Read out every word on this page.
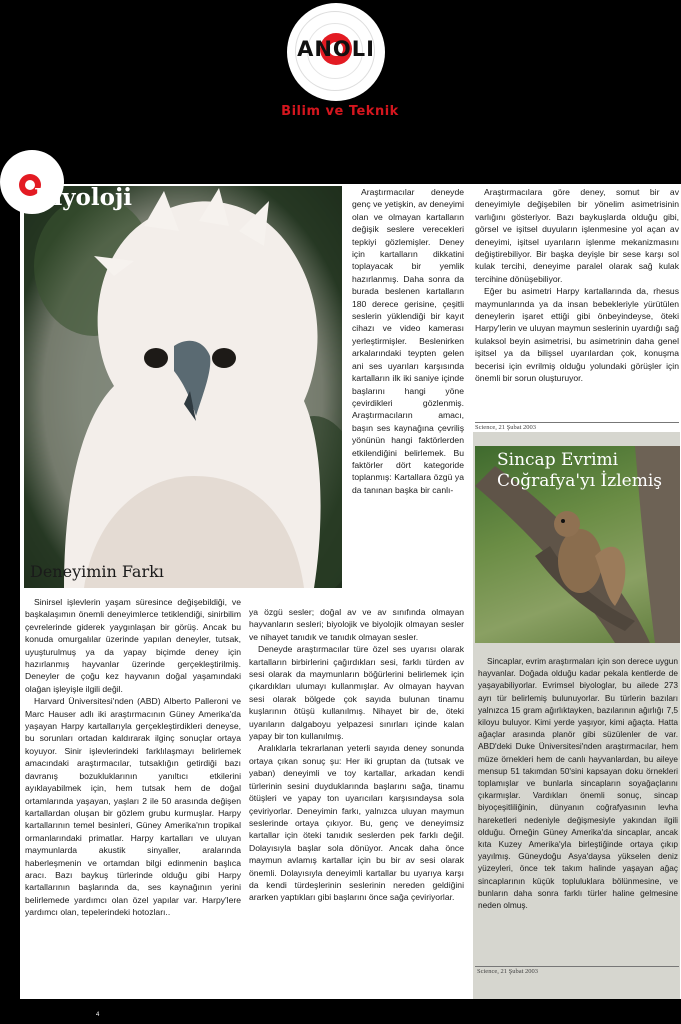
ANOLI
Bilim ve Teknik
Biyoloji
Deneyimin Farkı

Sinirsel işlevlerin yaşam süresince değişebildiği, ve başkalaşımın önemli deneyimlerce tetiklendiği, sinirbilim çevrelerinde giderek yaygınlaşan bir görüş. Ancak bu konuda omurgalılar üzerinde yapılan deneyler, tutsak, uyuşturulmuş ya da yapay biçimde deney için hazırlanmış hayvanlar üzerinde gerçekleştirilmiş. Deneyler de çoğu kez hayvanın doğal yaşamındaki olağan işleyişle ilgili değil.

Harvard Üniversitesi'nden (ABD) Alberto Palleroni ve Marc Hauser adlı iki araştırmacının Güney Amerika'da yaşayan Harpy kartallarıyla gerçekleştirdikleri deneyse, bu sorunları ortadan kaldırarak ilginç sonuçlar ortaya koyuyor. Sinir işlevlerindeki farklılaşmayı belirlemek amacındaki araştırmacılar, tutsaklığın getirdiği bazı davranış bozukluklarının yanıltıcı etkilerini ayıklayabilmek için, hem tutsak hem de doğal ortamlarında yaşayan, yaşları 2 ile 50 arasında değişen kartallardan oluşan bir gözlem grubu kurmuşlar. Harpy kartallarının temel besinleri, Güney Amerika'nın tropikal ormanlarındaki primatlar. Harpy kartalları ve uluyan maymunlarda akustik sinyaller, aralarında haberleşmenin ve ortamdan bilgi edinmenin başlıca aracı. Bazı baykuş türlerinde olduğu gibi Harpy kartallarının başlarında da, ses kaynağının yerini belirlemede yardımcı olan özel yapılar var. Harpy'lere yardımcı olan, tepelerindeki hotozları..

Araştırmacılar deneyde genç ve yetişkin, av deneyimi olan ve olmayan kartalların değişik seslere verecekleri tepkiyi gözlemişler. Deney için kartalların dikkatini toplayacak bir yemlik hazırlanmış. Daha sonra da burada beslenen kartalların 180 derece gerisine, çeşitli seslerin yüklendiği bir kayıt cihazı ve video kamerası yerleştirmişler. Beslenirken arkalarındaki teypten gelen ani ses uyarıları karşısında kartalların ilk iki saniye içinde başlarını hangi yöne çevirdikleri gözlenmiş. Araştırmacıların amacı, başın ses kaynağına çevriliş yönünün hangi faktörlerden etkilendiğini belirlemek. Bu faktörler dört kategoride toplanmış: Kartallara özgü ya da tanınan başka bir canlı-

ya özgü sesler; doğal av ve av sınıfında olmayan hayvanların sesleri; biyolojik ve biyolojik olmayan sesler ve nihayet tanıdık ve tanıdık olmayan sesler.

Deneyde araştırmacılar türe özel ses uyarısı olarak kartalların birbirlerini çağırdıkları sesi, farklı türden av sesi olarak da maymunların böğürlerini belirlemek için çıkardıkları ulumayı kullanmışlar. Av olmayan hayvan sesi olarak bölgede çok sayıda bulunan tinamu kuşlarının ötüşü kullanılmış. Nihayet bir de, öteki uyarıların dalgaboyu yelpazesi sınırları içinde kalan yapay bir ton kullanılmış.

Aralıklarla tekrarlanan yeterli sayıda deney sonunda ortaya çıkan sonuç şu: Her iki gruptan da (tutsak ve yaban) deneyimli ve toy kartallar, arkadan kendi türlerinin sesini duyduklarında başlarını sağa, tinamu ötüşleri ve yapay ton uyarıcıları karşısındaysa sola çeviriyorlar. Deneyimin farkı, yalnızca uluyan maymun seslerinde ortaya çıkıyor. Bu, genç ve deneyimsiz kartallar için öteki tanıdık seslerden pek farklı değil. Dolayısıyla başlar sola dönüyor. Ancak daha önce maymun avlamış kartallar için bu bir av sesi olarak önemli. Dolayısıyla deneyimli kartallar bu uyarıya karşı da kendi türdeşlerinin seslerinin nereden geldiğini ararken yaptıkları gibi başlarını önce sağa çeviriyorlar.

Araştırmacılara göre deney, somut bir av deneyimiyle değişebilen bir yönelim asimetrisinin varlığını gösteriyor. Bazı baykuşlarda olduğu gibi, görsel ve işitsel duyuların işlenmesine yol açan av deneyimi, işitsel uyarıların işlenme mekanizmasını değiştirebiliyor. Bir başka deyişle bir sese karşı sol kulak tercihi, deneyime paralel olarak sağ kulak tercihine dönüşebiliyor.

Eğer bu asimetri Harpy kartallarında da, rhesus maymunlarında ya da insan bebekleriyle yürütülen deneylerin işaret ettiği gibi önbeyindeyse, öteki Harpy'lerin ve uluyan maymun seslerinin uyardığı sağ kulaksol beyin asimetrisi, bu asimetrinin daha genel işitsel ya da bilişsel uyarılardan çok, konuşma becerisi için evrilmiş olduğu yolundaki görüşler için önemli bir sorun oluşturuyor.

Science, 21 Şubat 2003
Sincap Evrimi Coğrafya'yı İzlemiş

Sincaplar, evrim araştırmaları için son derece uygun hayvanlar. Doğada olduğu kadar pekala kentlerde de yaşayabiliyorlar. Evrimsel biyologlar, bu ailede 273 ayrı tür belirlemiş bulunuyorlar. Bu türlerin bazıları yalnızca 15 gram ağırlıktayken, bazılarının ağırlığı 7,5 kiloyu buluyor. Kimi yerde yaşıyor, kimi ağaçta. Hatta ağaçlar arasında planör gibi süzülenler de var. ABD'deki Duke Üniversitesi'nden araştırmacılar, hem müze örnekleri hem de canlı hayvanlardan, bu aileye mensup 51 takımdan 50'sini kapsayan doku örnekleri toplamışlar ve bunlarla sincapların soyağaçlarını çıkarmışlar. Vardıkları önemli sonuç, sincap biyoçeşitliliğinin, dünyanın coğrafyasının levha hareketleri nedeniyle değişmesiyle yakından ilgili olduğu. Örneğin Güney Amerika'da sincaplar, ancak kıta Kuzey Amerika'yla birleştiğinde ortaya çıkıp yayılmış. Güneydoğu Asya'daysa yükselen deniz yüzeyleri, önce tek takım halinde yaşayan ağaç sincaplarının küçük topluluklara bölünmesine, ve bunların daha sonra farklı türler haline gelmesine neden olmuş.

Science, 21 Şubat 2003
4
